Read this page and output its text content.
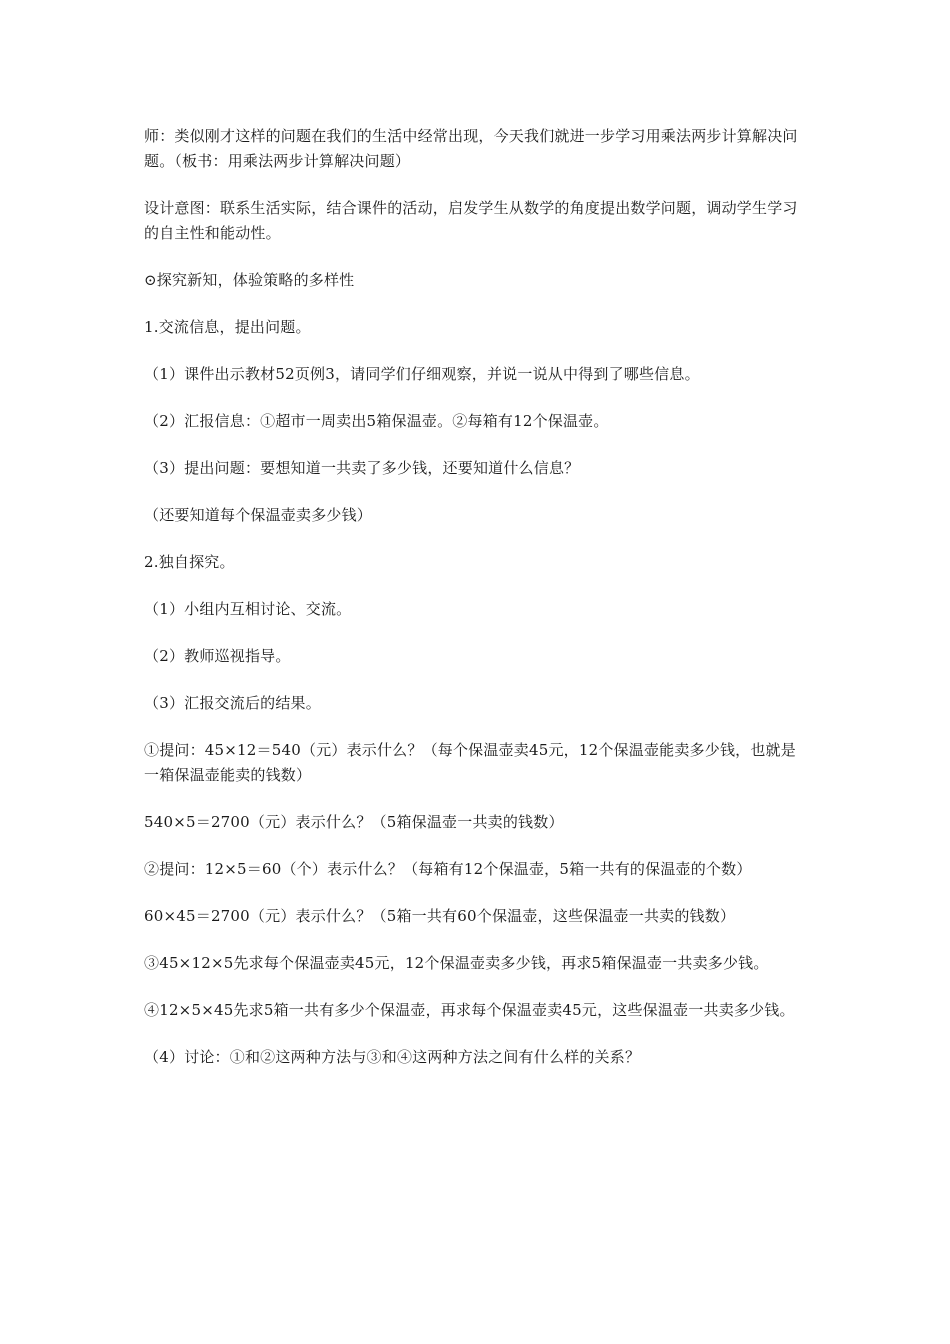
师：类似刚才这样的问题在我们的生活中经常出现，今天我们就进一步学习用乘法两步计算解决问题。（板书：用乘法两步计算解决问题）

设计意图：联系生活实际，结合课件的活动，启发学生从数学的角度提出数学问题，调动学生学习的自主性和能动性。

⊙探究新知，体验策略的多样性

1.交流信息，提出问题。

（1）课件出示教材52页例3，请同学们仔细观察，并说一说从中得到了哪些信息。

（2）汇报信息：①超市一周卖出5箱保温壶。②每箱有12个保温壶。

（3）提出问题：要想知道一共卖了多少钱，还要知道什么信息？

（还要知道每个保温壶卖多少钱）

2.独自探究。

（1）小组内互相讨论、交流。

（2）教师巡视指导。

（3）汇报交流后的结果。

①提问：45×12＝540（元）表示什么？（每个保温壶卖45元，12个保温壶能卖多少钱，也就是一箱保温壶能卖的钱数）

540×5＝2700（元）表示什么？（5箱保温壶一共卖的钱数）

②提问：12×5＝60（个）表示什么？（每箱有12个保温壶，5箱一共有的保温壶的个数）

60×45＝2700（元）表示什么？（5箱一共有60个保温壶，这些保温壶一共卖的钱数）

③45×12×5先求每个保温壶卖45元，12个保温壶卖多少钱，再求5箱保温壶一共卖多少钱。

④12×5×45先求5箱一共有多少个保温壶，再求每个保温壶卖45元，这些保温壶一共卖多少钱。

（4）讨论：①和②这两种方法与③和④这两种方法之间有什么样的关系？
